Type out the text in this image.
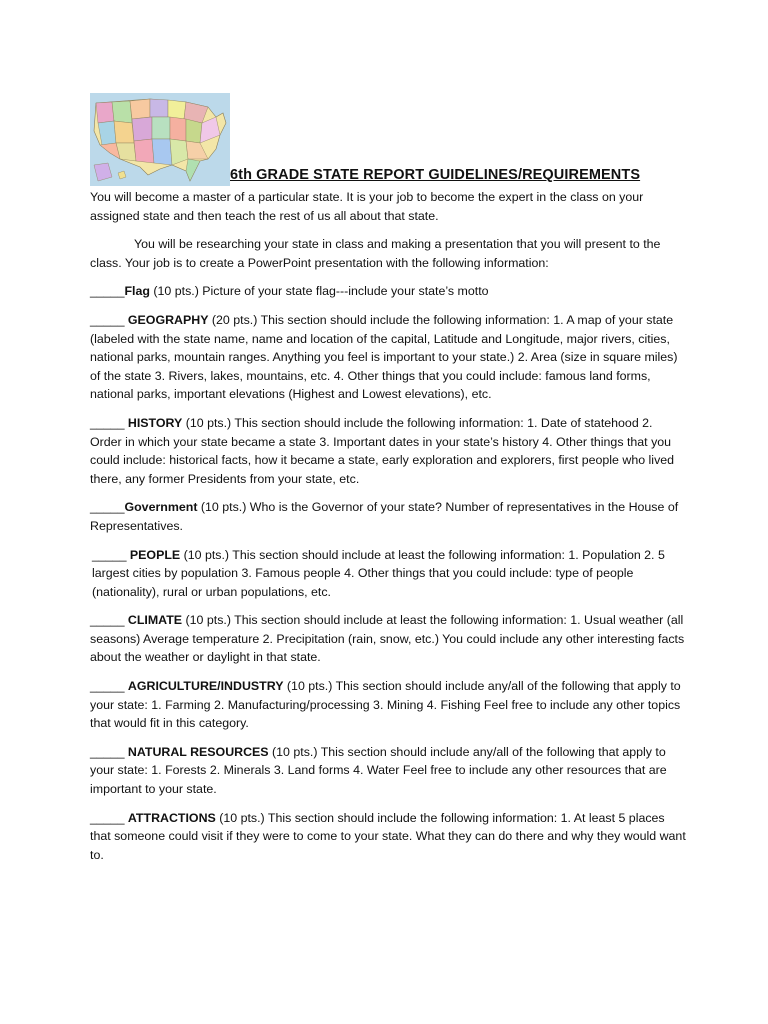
6th GRADE STATE REPORT GUIDELINES/REQUIREMENTS

You will become a master of a particular state. It is your job to become the expert in the class on your assigned state and then teach the rest of us all about that state.

You will be researching your state in class and making a presentation that you will present to the class. Your job is to create a PowerPoint presentation with the following information:

_____Flag (10 pts.) Picture of your state flag---include your state’s motto

_____ GEOGRAPHY (20 pts.) This section should include the following information: 1. A map of your state (labeled with the state name, name and location of the capital, Latitude and Longitude, major rivers, cities, national parks, mountain ranges. Anything you feel is important to your state.) 2. Area (size in square miles) of the state 3. Rivers, lakes, mountains, etc. 4. Other things that you could include: famous land forms, national parks, important elevations (Highest and Lowest elevations), etc.

_____ HISTORY (10 pts.) This section should include the following information: 1. Date of statehood 2. Order in which your state became a state 3. Important dates in your state’s history 4. Other things that you could include: historical facts, how it became a state, early exploration and explorers, first people who lived there, any former Presidents from your state, etc.

_____Government (10 pts.) Who is the Governor of your state? Number of representatives in the House of Representatives.

_____ PEOPLE (10 pts.) This section should include at least the following information: 1. Population 2. 5 largest cities by population 3. Famous people 4. Other things that you could include: type of people (nationality), rural or urban populations, etc.

_____ CLIMATE (10 pts.) This section should include at least the following information: 1. Usual weather (all seasons) Average temperature 2. Precipitation (rain, snow, etc.) You could include any other interesting facts about the weather or daylight in that state.

_____ AGRICULTURE/INDUSTRY (10 pts.) This section should include any/all of the following that apply to your state: 1. Farming 2. Manufacturing/processing 3. Mining 4. Fishing Feel free to include any other topics that would fit in this category.

_____ NATURAL RESOURCES (10 pts.) This section should include any/all of the following that apply to your state: 1. Forests 2. Minerals 3. Land forms 4. Water Feel free to include any other resources that are important to your state.

_____ ATTRACTIONS (10 pts.) This section should include the following information: 1. At least 5 places that someone could visit if they were to come to your state. What they can do there and why they would want to.
